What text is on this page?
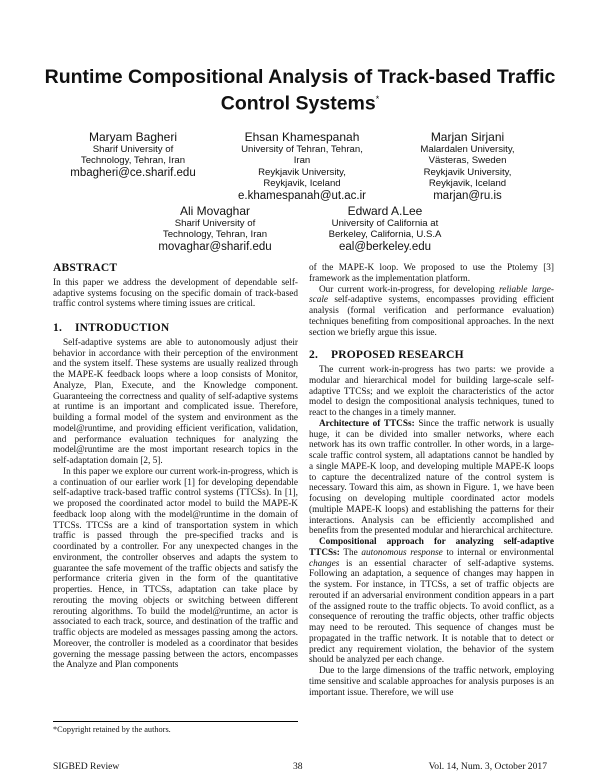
Runtime Compositional Analysis of Track-based Traffic Control Systems*
Maryam Bagheri
Sharif University of
Technology, Tehran, Iran
mbagheri@ce.sharif.edu
Ehsan Khamespanah
University of Tehran, Tehran,
Iran
Reykjavik University,
Reykjavik, Iceland
e.khamespanah@ut.ac.ir
Marjan Sirjani
Malardalen University,
Västeras, Sweden
Reykjavik University,
Reykjavik, Iceland
marjan@ru.is
Ali Movaghar
Sharif University of
Technology, Tehran, Iran
movaghar@sharif.edu
Edward A.Lee
University of California at
Berkeley, California, U.S.A
eal@berkeley.edu
ABSTRACT

In this paper we address the development of dependable self-adaptive systems focusing on the specific domain of track-based traffic control systems where timing issues are critical.

1. INTRODUCTION

Self-adaptive systems are able to autonomously adjust their behavior in accordance with their perception of the environment and the system itself. These systems are usually realized through the MAPE-K feedback loops where a loop consists of Monitor, Analyze, Plan, Execute, and the Knowledge component. Guaranteeing the correctness and quality of self-adaptive systems at runtime is an important and complicated issue. Therefore, building a formal model of the system and environment as the model@runtime, and providing efficient verification, validation, and performance evaluation techniques for analyzing the model@runtime are the most important research topics in the self-adaptation domain [2, 5].

In this paper we explore our current work-in-progress, which is a continuation of our earlier work [1] for developing dependable self-adaptive track-based traffic control systems (TTCSs). In [1], we proposed the coordinated actor model to build the MAPE-K feedback loop along with the model@runtime in the domain of TTCSs. TTCSs are a kind of transportation system in which traffic is passed through the pre-specified tracks and is coordinated by a controller. For any unexpected changes in the environment, the controller observes and adapts the system to guarantee the safe movement of the traffic objects and satisfy the performance criteria given in the form of the quantitative properties. Hence, in TTCSs, adaptation can take place by rerouting the moving objects or switching between different rerouting algorithms. To build the model@runtime, an actor is associated to each track, source, and destination of the traffic and traffic objects are modeled as messages passing among the actors. Moreover, the controller is modeled as a coordinator that besides governing the message passing between the actors, encompasses the Analyze and Plan components

of the MAPE-K loop. We proposed to use the Ptolemy [3] framework as the implementation platform.

Our current work-in-progress, for developing reliable large-scale self-adaptive systems, encompasses providing efficient analysis (formal verification and performance evaluation) techniques benefiting from compositional approaches. In the next section we briefly argue this issue.

2. PROPOSED RESEARCH

The current work-in-progress has two parts: we provide a modular and hierarchical model for building large-scale self-adaptive TTCSs; and we exploit the characteristics of the actor model to design the compositional analysis techniques, tuned to react to the changes in a timely manner.

Architecture of TTCSs: Since the traffic network is usually huge, it can be divided into smaller networks, where each network has its own traffic controller. In other words, in a large-scale traffic control system, all adaptations cannot be handled by a single MAPE-K loop, and developing multiple MAPE-K loops to capture the decentralized nature of the control system is necessary. Toward this aim, as shown in Figure. 1, we have been focusing on developing multiple coordinated actor models (multiple MAPE-K loops) and establishing the patterns for their interactions. Analysis can be efficiently accomplished and benefits from the presented modular and hierarchical architecture.

Compositional approach for analyzing self-adaptive TTCSs: The autonomous response to internal or environmental changes is an essential character of self-adaptive systems. Following an adaptation, a sequence of changes may happen in the system. For instance, in TTCSs, a set of traffic objects are rerouted if an adversarial environment condition appears in a part of the assigned route to the traffic objects. To avoid conflict, as a consequence of rerouting the traffic objects, other traffic objects may need to be rerouted. This sequence of changes must be propagated in the traffic network. It is notable that to detect or predict any requirement violation, the behavior of the system should be analyzed per each change.

Due to the large dimensions of the traffic network, employing time sensitive and scalable approaches for analysis purposes is an important issue. Therefore, we will use

*Copyright retained by the authors.
SIGBED Review	38	Vol. 14, Num. 3, October 2017
